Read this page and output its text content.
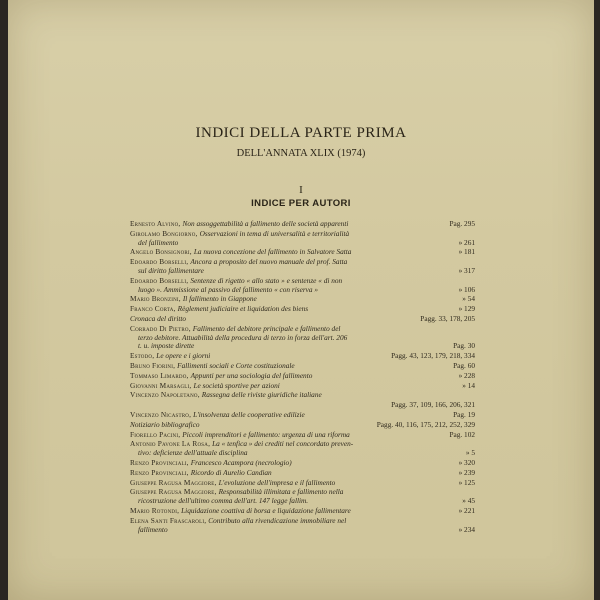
INDICI DELLA PARTE PRIMA
DELL'ANNATA XLIX (1974)
I
INDICE PER AUTORI
Ernesto Alvino, Non assoggettabilità a fallimento delle società apparenti	Pag. 295
Girolamo Bongiorno, Osservazioni in tema di universalità e territorialità
del fallimento	» 261
Angelo Bonsignori, La nuova concezione del fallimento in Salvatore Satta	» 181
Edoardo Borselli, Ancora a proposito del nuovo manuale del prof. Satta
sul diritto fallimentare	» 317
Edoardo Borselli, Sentenze di rigetto « allo stato » e sentenze « di non
luogo ». Ammissione al passivo del fallimento « con riserva »	» 106
Mario Bronzini, Il fallimento in Giappone	» 54
Franco Corta, Règlement judiciaire et liquidation des biens	» 129
Cronaca del diritto	Pagg. 33, 178, 205
Corrado Di Pietro, Fallimento del debitore principale e fallimento del
terzo debitore. Attuabilità della procedura di terzo in forza dell'art. 206
t. u. imposte dirette	Pag. 30
Estodo, Le opere e i giorni	Pagg. 43, 123, 179, 218, 334
Bruno Fiorini, Fallimenti sociali e Corte costituzionale	Pag. 60
Tommaso Limardo, Appunti per una sociologia del fallimento	» 228
Giovanni Marsagli, Le società sportive per azioni	» 14
Vincenzo Napoletano, Rassegna delle riviste giuridiche italiane

Pagg. 37, 109, 166, 206, 321
Vincenzo Nicastro, L'insolvenza delle cooperative edilizie	Pag. 19
Notiziario bibliografico	Pagg. 40, 116, 175, 212, 252, 329
Fiorello Pacini, Piccoli imprenditori e fallimento: urgenza di una riforma	Pag. 102
Antonio Pavone La Rosa, La « tenfica » dei crediti nel concordato preven-
tivo: deficienze dell'attuale disciplina	» 5
Renzo Provinciali, Francesco Acampora (necrologio)	» 320
Renzo Provinciali, Ricordo di Aurelio Candian	» 239
Giuseppe Ragusa Maggiore, L'evoluzione dell'impresa e il fallimento	» 125
Giuseppe Ragusa Maggiore, Responsabilità illimitata e fallimento nella
ricostruzione dell'ultimo comma dell'art. 147 legge fallim.	» 45
Mario Rotondi, Liquidazione coattiva di borsa e liquidazione fallimentare	» 221
Elena Santi Frascaroli, Contributo alla rivendicazione immobiliare nel
fallimento	» 234
